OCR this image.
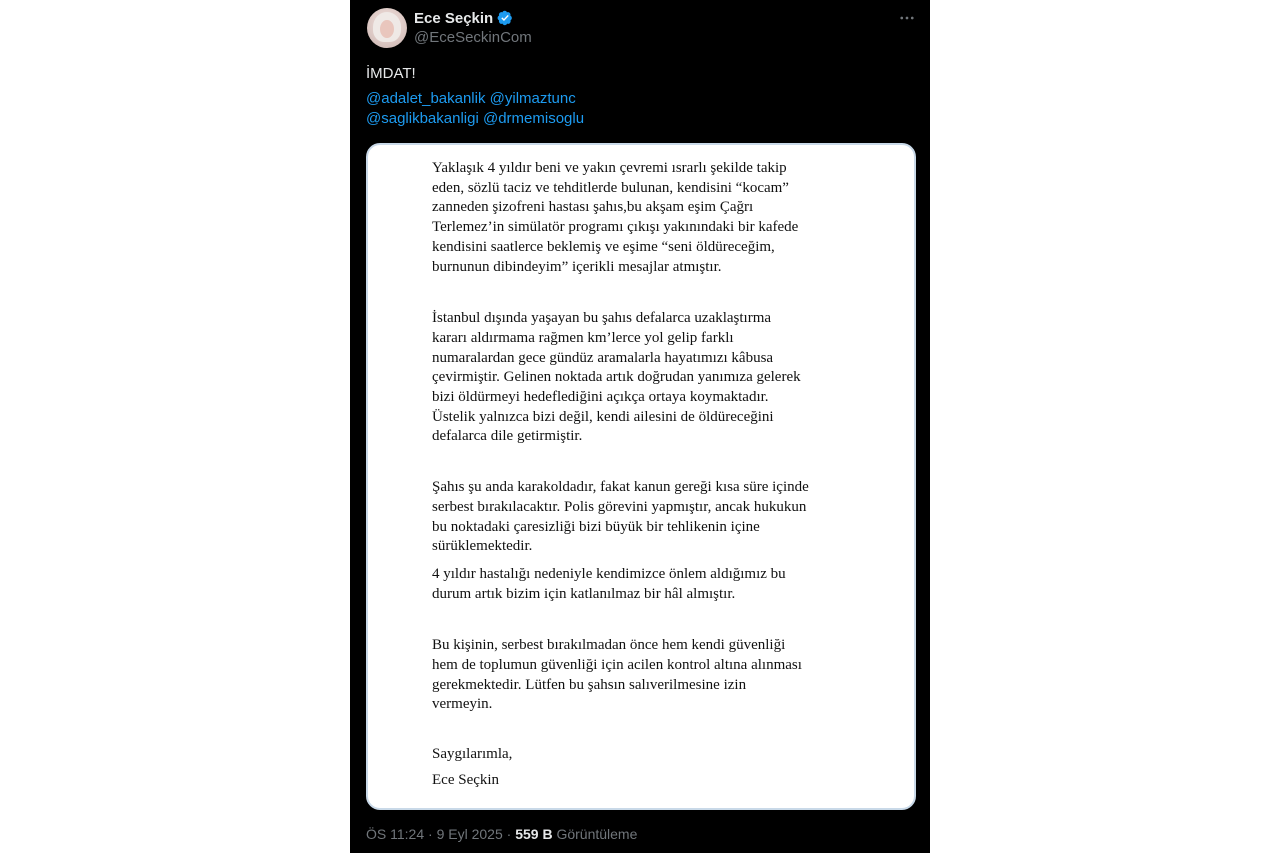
Ece Seçkin
@EceSeckinCom
İMDAT!
@adalet_bakanlik @yilmaztunc
@saglikbakanligi @drmemisoglu
Yaklaşık 4 yıldır beni ve yakın çevremi ısrarlı şekilde takip
eden, sözlü taciz ve tehditlerde bulunan, kendisini “kocam”
zanneden şizofreni hastası şahıs,bu akşam eşim Çağrı
Terlemez’in simülatör programı çıkışı yakınındaki bir kafede
kendisini saatlerce beklemiş ve eşime “seni öldüreceğim,
burnunun dibindeyim” içerikli mesajlar atmıştır.
İstanbul dışında yaşayan bu şahıs defalarca uzaklaştırma
kararı aldırmama rağmen km’lerce yol gelip farklı
numaralardan gece gündüz aramalarla hayatımızı kâbusa
çevirmiştir. Gelinen noktada artık doğrudan yanımıza gelerek
bizi öldürmeyi hedeflediğini açıkça ortaya koymaktadır.
Üstelik yalnızca bizi değil, kendi ailesini de öldüreceğini
defalarca dile getirmiştir.
Şahıs şu anda karakoldadır, fakat kanun gereği kısa süre içinde
serbest bırakılacaktır. Polis görevini yapmıştır, ancak hukukun
bu noktadaki çaresizliği bizi büyük bir tehlikenin içine
sürüklemektedir.
4 yıldır hastalığı nedeniyle kendimizce önlem aldığımız bu
durum artık bizim için katlanılmaz bir hâl almıştır.
Bu kişinin, serbest bırakılmadan önce hem kendi güvenliği
hem de toplumun güvenliği için acilen kontrol altına alınması
gerekmektedir. Lütfen bu şahsın salıverilmesine izin
vermeyin.
Saygılarımla,
Ece Seçkin
ÖS 11:24 · 9 Eyl 2025 · 559 B Görüntüleme
